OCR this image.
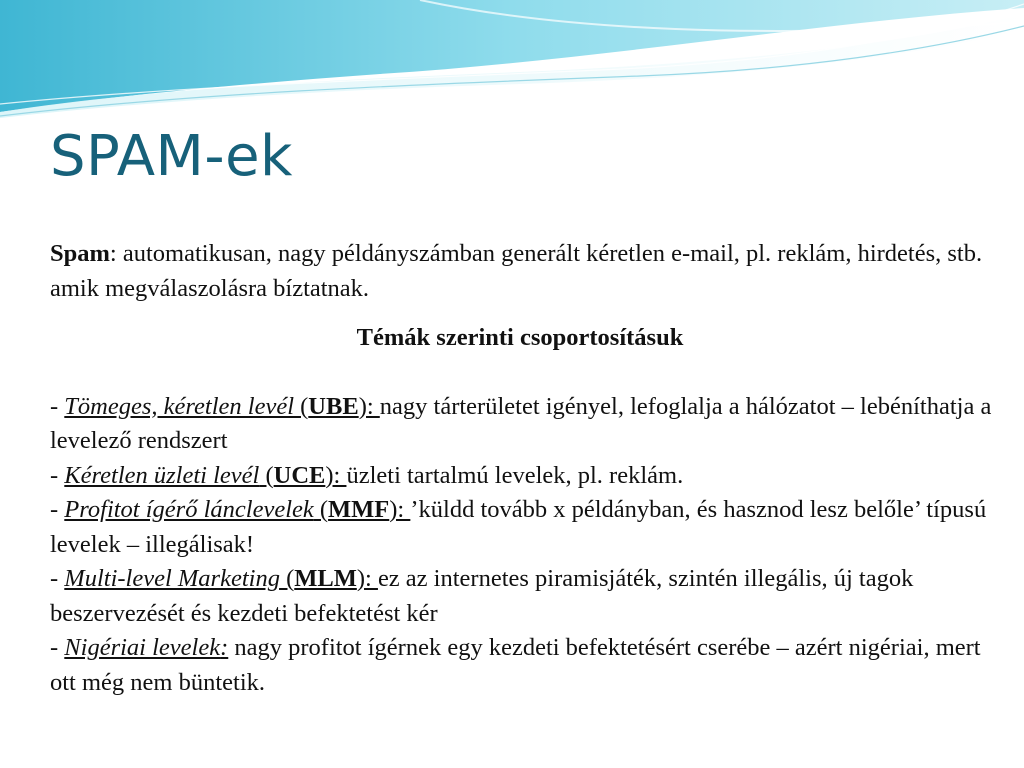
SPAM-ek

Spam: automatikusan, nagy példányszámban generált kéretlen e-mail, pl. reklám, hirdetés, stb. amik megválaszolásra bíztatnak.

Témák szerinti csoportosításuk

- Tömeges, kéretlen levél (UBE): nagy tárterületet igényel, lefoglalja a hálózatot – lebéníthatja a levelező rendszert

- Kéretlen üzleti levél (UCE): üzleti tartalmú levelek, pl. reklám.

- Profitot ígérő lánclevelek (MMF): ’küldd tovább x példányban, és hasznod lesz belőle’ típusú levelek – illegálisak!

- Multi-level Marketing (MLM): ez az internetes piramisjáték, szintén illegális, új tagok beszervezését és kezdeti befektetést kér

- Nigériai levelek: nagy profitot ígérnek egy kezdeti befektetésért cserébe – azért nigériai, mert ott még nem büntetik.
